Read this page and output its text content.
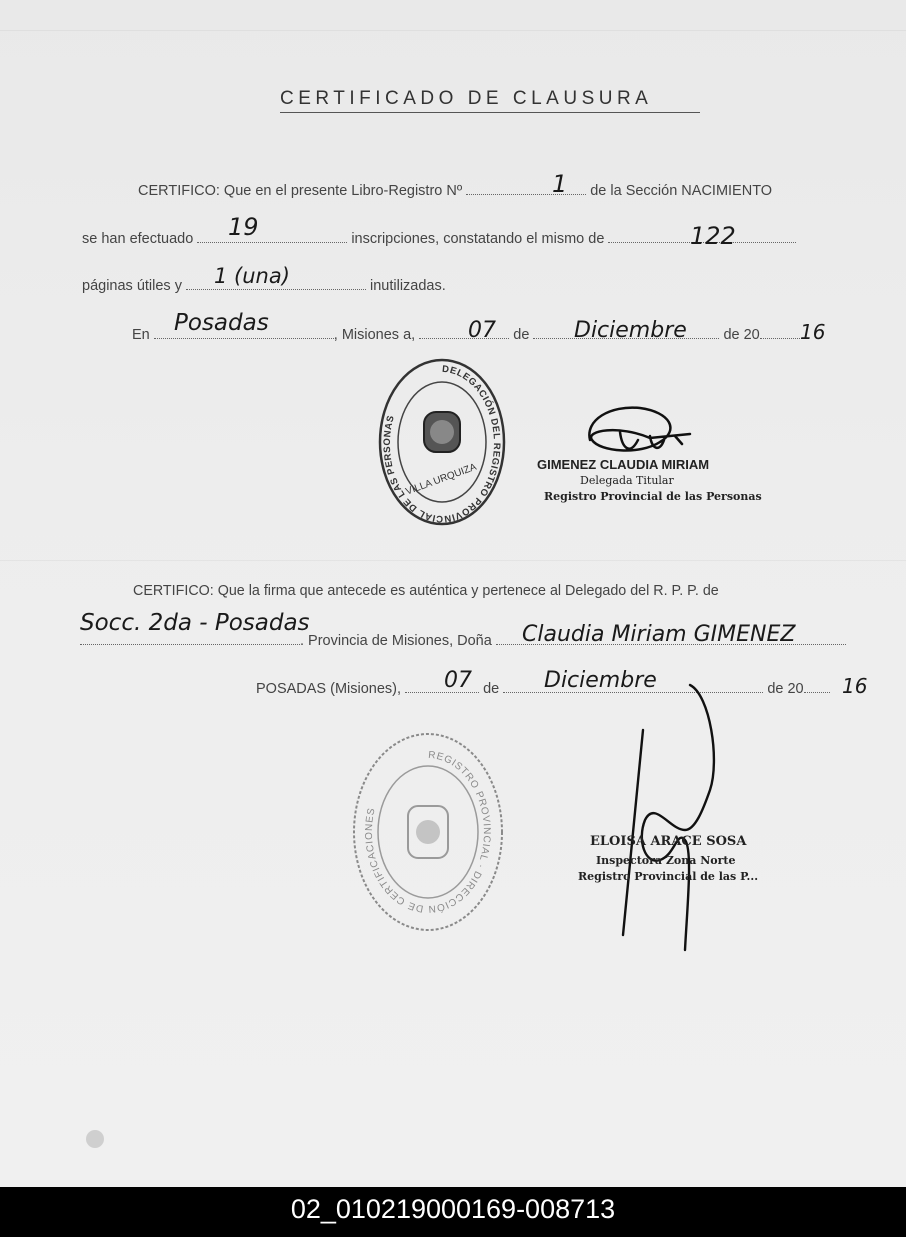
CERTIFICADO DE CLAUSURA
CERTIFICO: Que en el presente Libro-Registro Nº	de la Sección NACIMIENTO
1
se han efectuado	inscripciones, constatando el mismo de
19	122
páginas útiles y	inutilizadas.
1 (una)
En	, Misiones a,	de	de 20
Posadas	07	Diciembre	16
DELEGACIÓN DEL REGISTRO PROVINCIAL DE LAS PERSONAS
VILLA URQUIZA	GIMENEZ CLAUDIA MIRIAM
Delegada Titular
Registro Provincial de las Personas
CERTIFICO: Que la firma que antecede es auténtica y pertenece al Delegado del R. P. P. de
. Provincia de Misiones, Doña
Socc. 2da - Posadas	Claudia Miriam GIMENEZ
POSADAS (Misiones),	de	de 20
07	Diciembre	16
REGISTRO PROVINCIAL · DIRECCIÓN DE CERTIFICACIONES
ELOISA ARACE SOSA
Inspectora Zona Norte
Registro Provincial de las P...
02_010219000169-008713
